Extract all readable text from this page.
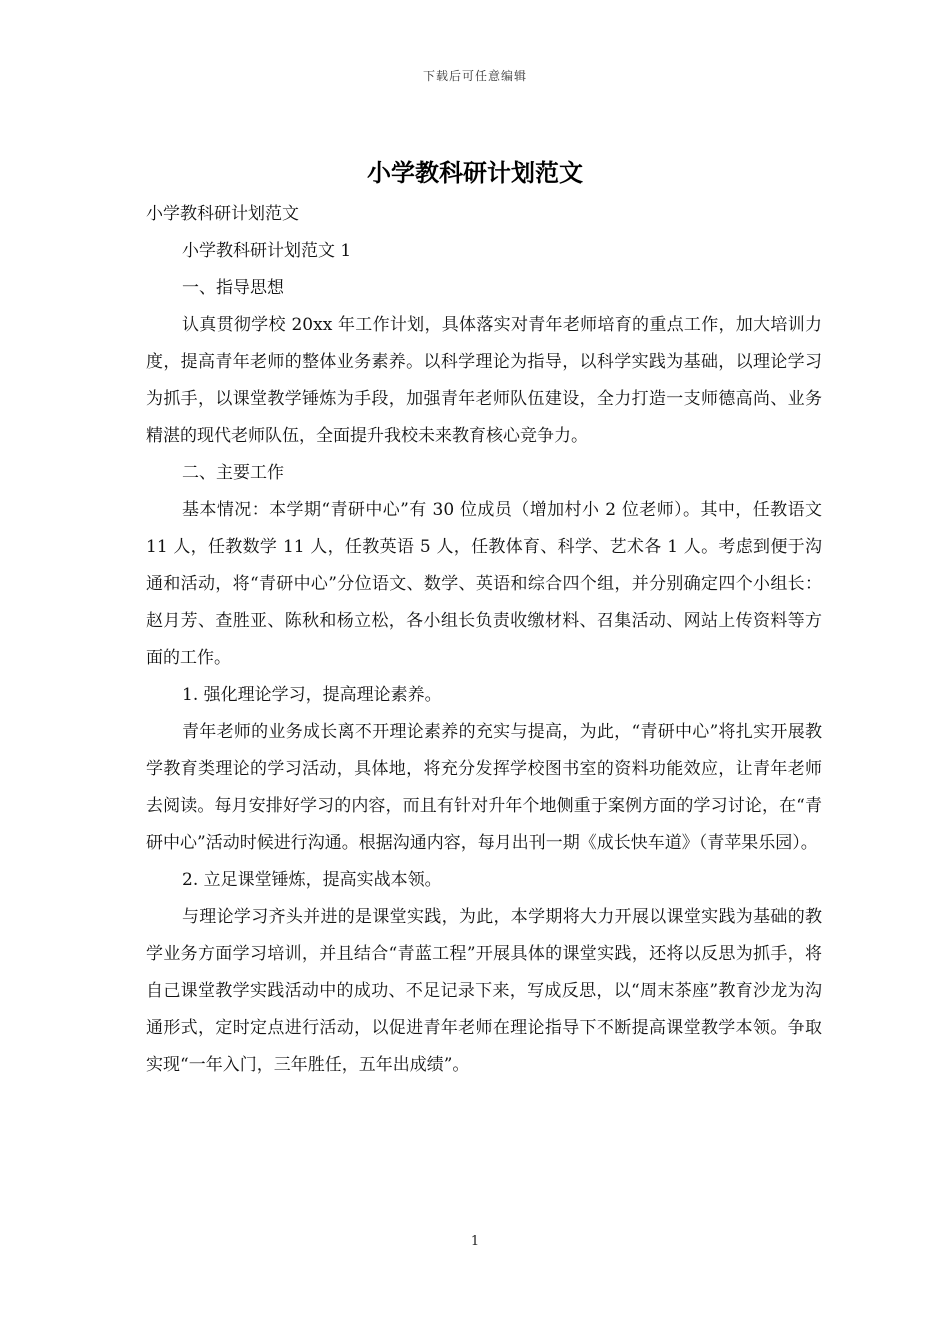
下载后可任意编辑
小学教科研计划范文
小学教科研计划范文
小学教科研计划范文 1
一、指导思想

认真贯彻学校 20xx 年工作计划，具体落实对青年老师培育的重点工作，加大培训力度，提高青年老师的整体业务素养。以科学理论为指导，以科学实践为基础，以理论学习为抓手，以课堂教学锤炼为手段，加强青年老师队伍建设，全力打造一支师德高尚、业务精湛的现代老师队伍，全面提升我校未来教育核心竞争力。

二、主要工作

基本情况：本学期“青研中心”有 30 位成员（增加村小 2 位老师）。其中，任教语文 11 人，任教数学 11 人，任教英语 5 人，任教体育、科学、艺术各 1 人。考虑到便于沟通和活动，将“青研中心”分位语文、数学、英语和综合四个组，并分别确定四个小组长：赵月芳、查胜亚、陈秋和杨立松，各小组长负责收缴材料、召集活动、网站上传资料等方面的工作。

1. 强化理论学习，提高理论素养。

青年老师的业务成长离不开理论素养的充实与提高，为此，“青研中心”将扎实开展教学教育类理论的学习活动，具体地，将充分发挥学校图书室的资料功能效应，让青年老师去阅读。每月安排好学习的内容，而且有针对升年个地侧重于案例方面的学习讨论，在“青研中心”活动时候进行沟通。根据沟通内容，每月出刊一期《成长快车道》（青苹果乐园）。

2. 立足课堂锤炼，提高实战本领。

与理论学习齐头并进的是课堂实践，为此，本学期将大力开展以课堂实践为基础的教学业务方面学习培训，并且结合“青蓝工程”开展具体的课堂实践，还将以反思为抓手，将自己课堂教学实践活动中的成功、不足记录下来，写成反思，以“周末茶座”教育沙龙为沟通形式，定时定点进行活动，以促进青年老师在理论指导下不断提高课堂教学本领。争取实现“一年入门，三年胜任，五年出成绩”。

1
